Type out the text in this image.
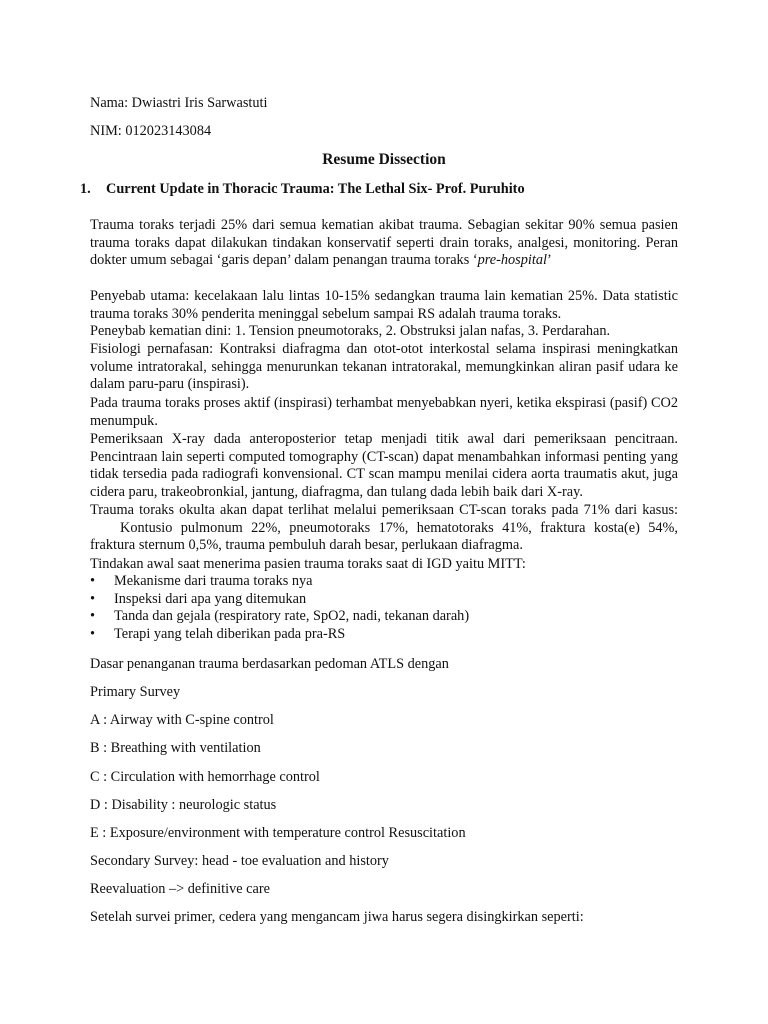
Nama: Dwiastri Iris Sarwastuti
NIM: 012023143084
Resume Dissection
1. Current Update in Thoracic Trauma: The Lethal Six- Prof. Puruhito
Trauma toraks terjadi 25% dari semua kematian akibat trauma. Sebagian sekitar 90% semua pasien trauma toraks dapat dilakukan tindakan konservatif seperti drain toraks, analgesi, monitoring. Peran dokter umum sebagai ‘garis depan’ dalam penangan trauma toraks ‘pre-hospital’
Penyebab utama: kecelakaan lalu lintas 10-15% sedangkan trauma lain kematian 25%. Data statistic trauma toraks 30% penderita meninggal sebelum sampai RS adalah trauma toraks.
Peneybab kematian dini: 1. Tension pneumotoraks, 2. Obstruksi jalan nafas, 3. Perdarahan.
Fisiologi pernafasan: Kontraksi diafragma dan otot-otot interkostal selama inspirasi meningkatkan volume intratorakal, sehingga menurunkan tekanan intratorakal, memungkinkan aliran pasif udara ke dalam paru-paru (inspirasi).
Pada trauma toraks proses aktif (inspirasi) terhambat menyebabkan nyeri, ketika ekspirasi (pasif) CO2 menumpuk.
Pemeriksaan X-ray dada anteroposterior tetap menjadi titik awal dari pemeriksaan pencitraan. Pencintraan lain seperti computed tomography (CT-scan) dapat menambahkan informasi penting yang tidak tersedia pada radiografi konvensional. CT scan mampu menilai cidera aorta traumatis akut, juga cidera paru, trakeobronkial, jantung, diafragma, dan tulang dada lebih baik dari X-ray.
Trauma toraks okulta akan dapat terlihat melalui pemeriksaan CT-scan toraks pada 71% dari kasus:Kontusio pulmonum 22%, pneumotoraks 17%, hematotoraks 41%, fraktura kosta(e) 54%, fraktura sternum 0,5%, trauma pembuluh darah besar, perlukaan diafragma.
Tindakan awal saat menerima pasien trauma toraks saat di IGD yaitu MITT:
• Mekanisme dari trauma toraks nya
• Inspeksi dari apa yang ditemukan
• Tanda dan gejala (respiratory rate, SpO2, nadi, tekanan darah)
• Terapi yang telah diberikan pada pra-RS
Dasar penanganan trauma berdasarkan pedoman ATLS dengan
Primary Survey
A : Airway with C-spine control
B : Breathing with ventilation
C : Circulation with hemorrhage control
D : Disability : neurologic status
E : Exposure/environment with temperature control Resuscitation
Secondary Survey: head - toe evaluation and history
Reevaluation –> definitive care
Setelah survei primer, cedera yang mengancam jiwa harus segera disingkirkan seperti:
